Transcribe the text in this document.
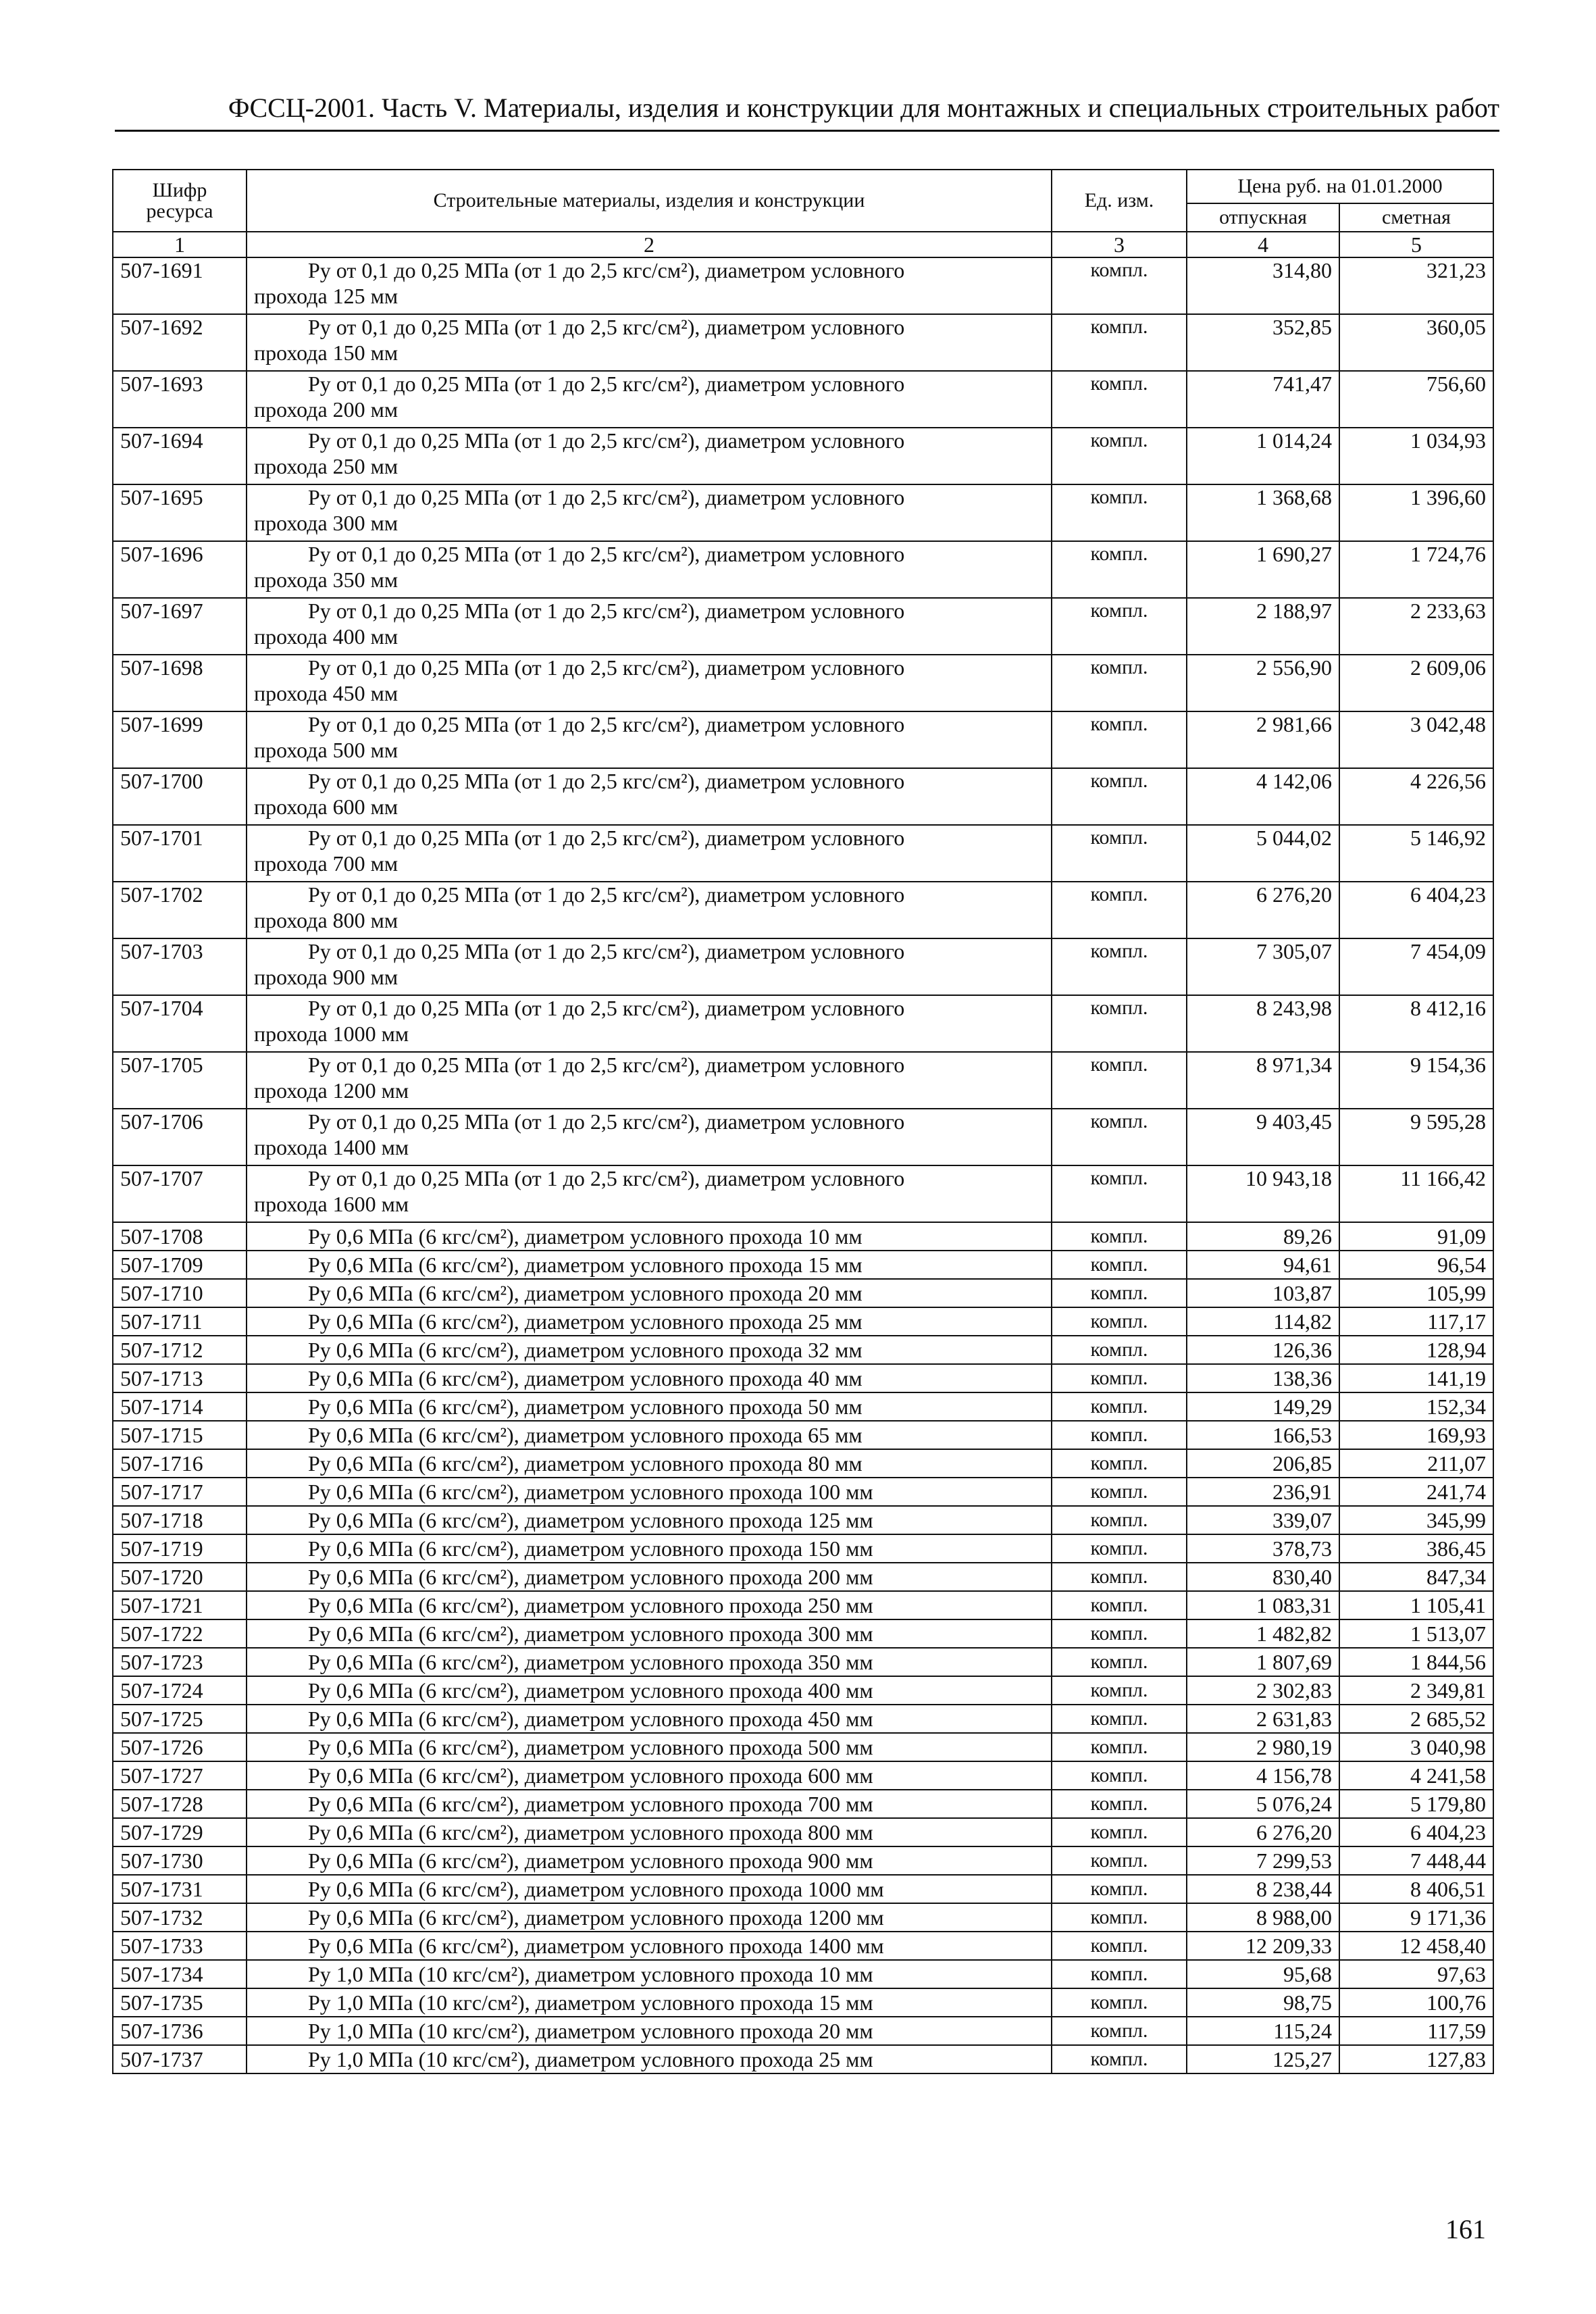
ФССЦ-2001. Часть V. Материалы, изделия и конструкции для монтажных и специальных строительных работ
Шифр ресурса	Строительные материалы, изделия и конструкции	Ед. изм.	Цена руб. на 01.01.2000	
			отпускная	сметная
1	2	3	4	5
507-1691	Ру от 0,1 до 0,25 МПа (от 1 до 2,5 кгс/см²), диаметром условного
прохода 125 мм	компл.	314,80	321,23
507-1692	Ру от 0,1 до 0,25 МПа (от 1 до 2,5 кгс/см²), диаметром условного
прохода 150 мм	компл.	352,85	360,05
507-1693	Ру от 0,1 до 0,25 МПа (от 1 до 2,5 кгс/см²), диаметром условного
прохода 200 мм	компл.	741,47	756,60
507-1694	Ру от 0,1 до 0,25 МПа (от 1 до 2,5 кгс/см²), диаметром условного
прохода 250 мм	компл.	1 014,24	1 034,93
507-1695	Ру от 0,1 до 0,25 МПа (от 1 до 2,5 кгс/см²), диаметром условного
прохода 300 мм	компл.	1 368,68	1 396,60
507-1696	Ру от 0,1 до 0,25 МПа (от 1 до 2,5 кгс/см²), диаметром условного
прохода 350 мм	компл.	1 690,27	1 724,76
507-1697	Ру от 0,1 до 0,25 МПа (от 1 до 2,5 кгс/см²), диаметром условного
прохода 400 мм	компл.	2 188,97	2 233,63
507-1698	Ру от 0,1 до 0,25 МПа (от 1 до 2,5 кгс/см²), диаметром условного
прохода 450 мм	компл.	2 556,90	2 609,06
507-1699	Ру от 0,1 до 0,25 МПа (от 1 до 2,5 кгс/см²), диаметром условного
прохода 500 мм	компл.	2 981,66	3 042,48
507-1700	Ру от 0,1 до 0,25 МПа (от 1 до 2,5 кгс/см²), диаметром условного
прохода 600 мм	компл.	4 142,06	4 226,56
507-1701	Ру от 0,1 до 0,25 МПа (от 1 до 2,5 кгс/см²), диаметром условного
прохода 700 мм	компл.	5 044,02	5 146,92
507-1702	Ру от 0,1 до 0,25 МПа (от 1 до 2,5 кгс/см²), диаметром условного
прохода 800 мм	компл.	6 276,20	6 404,23
507-1703	Ру от 0,1 до 0,25 МПа (от 1 до 2,5 кгс/см²), диаметром условного
прохода 900 мм	компл.	7 305,07	7 454,09
507-1704	Ру от 0,1 до 0,25 МПа (от 1 до 2,5 кгс/см²), диаметром условного
прохода 1000 мм	компл.	8 243,98	8 412,16
507-1705	Ру от 0,1 до 0,25 МПа (от 1 до 2,5 кгс/см²), диаметром условного
прохода 1200 мм	компл.	8 971,34	9 154,36
507-1706	Ру от 0,1 до 0,25 МПа (от 1 до 2,5 кгс/см²), диаметром условного
прохода 1400 мм	компл.	9 403,45	9 595,28
507-1707	Ру от 0,1 до 0,25 МПа (от 1 до 2,5 кгс/см²), диаметром условного
прохода 1600 мм	компл.	10 943,18	11 166,42
507-1708	Ру 0,6 МПа (6 кгс/см²), диаметром условного прохода 10 мм	компл.	89,26	91,09
507-1709	Ру 0,6 МПа (6 кгс/см²), диаметром условного прохода 15 мм	компл.	94,61	96,54
507-1710	Ру 0,6 МПа (6 кгс/см²), диаметром условного прохода 20 мм	компл.	103,87	105,99
507-1711	Ру 0,6 МПа (6 кгс/см²), диаметром условного прохода 25 мм	компл.	114,82	117,17
507-1712	Ру 0,6 МПа (6 кгс/см²), диаметром условного прохода 32 мм	компл.	126,36	128,94
507-1713	Ру 0,6 МПа (6 кгс/см²), диаметром условного прохода 40 мм	компл.	138,36	141,19
507-1714	Ру 0,6 МПа (6 кгс/см²), диаметром условного прохода 50 мм	компл.	149,29	152,34
507-1715	Ру 0,6 МПа (6 кгс/см²), диаметром условного прохода 65 мм	компл.	166,53	169,93
507-1716	Ру 0,6 МПа (6 кгс/см²), диаметром условного прохода 80 мм	компл.	206,85	211,07
507-1717	Ру 0,6 МПа (6 кгс/см²), диаметром условного прохода 100 мм	компл.	236,91	241,74
507-1718	Ру 0,6 МПа (6 кгс/см²), диаметром условного прохода 125 мм	компл.	339,07	345,99
507-1719	Ру 0,6 МПа (6 кгс/см²), диаметром условного прохода 150 мм	компл.	378,73	386,45
507-1720	Ру 0,6 МПа (6 кгс/см²), диаметром условного прохода 200 мм	компл.	830,40	847,34
507-1721	Ру 0,6 МПа (6 кгс/см²), диаметром условного прохода 250 мм	компл.	1 083,31	1 105,41
507-1722	Ру 0,6 МПа (6 кгс/см²), диаметром условного прохода 300 мм	компл.	1 482,82	1 513,07
507-1723	Ру 0,6 МПа (6 кгс/см²), диаметром условного прохода 350 мм	компл.	1 807,69	1 844,56
507-1724	Ру 0,6 МПа (6 кгс/см²), диаметром условного прохода 400 мм	компл.	2 302,83	2 349,81
507-1725	Ру 0,6 МПа (6 кгс/см²), диаметром условного прохода 450 мм	компл.	2 631,83	2 685,52
507-1726	Ру 0,6 МПа (6 кгс/см²), диаметром условного прохода 500 мм	компл.	2 980,19	3 040,98
507-1727	Ру 0,6 МПа (6 кгс/см²), диаметром условного прохода 600 мм	компл.	4 156,78	4 241,58
507-1728	Ру 0,6 МПа (6 кгс/см²), диаметром условного прохода 700 мм	компл.	5 076,24	5 179,80
507-1729	Ру 0,6 МПа (6 кгс/см²), диаметром условного прохода 800 мм	компл.	6 276,20	6 404,23
507-1730	Ру 0,6 МПа (6 кгс/см²), диаметром условного прохода 900 мм	компл.	7 299,53	7 448,44
507-1731	Ру 0,6 МПа (6 кгс/см²), диаметром условного прохода 1000 мм	компл.	8 238,44	8 406,51
507-1732	Ру 0,6 МПа (6 кгс/см²), диаметром условного прохода 1200 мм	компл.	8 988,00	9 171,36
507-1733	Ру 0,6 МПа (6 кгс/см²), диаметром условного прохода 1400 мм	компл.	12 209,33	12 458,40
507-1734	Ру 1,0 МПа (10 кгс/см²), диаметром условного прохода 10 мм	компл.	95,68	97,63
507-1735	Ру 1,0 МПа (10 кгс/см²), диаметром условного прохода 15 мм	компл.	98,75	100,76
507-1736	Ру 1,0 МПа (10 кгс/см²), диаметром условного прохода 20 мм	компл.	115,24	117,59
507-1737	Ру 1,0 МПа (10 кгс/см²), диаметром условного прохода 25 мм	компл.	125,27	127,83
161
